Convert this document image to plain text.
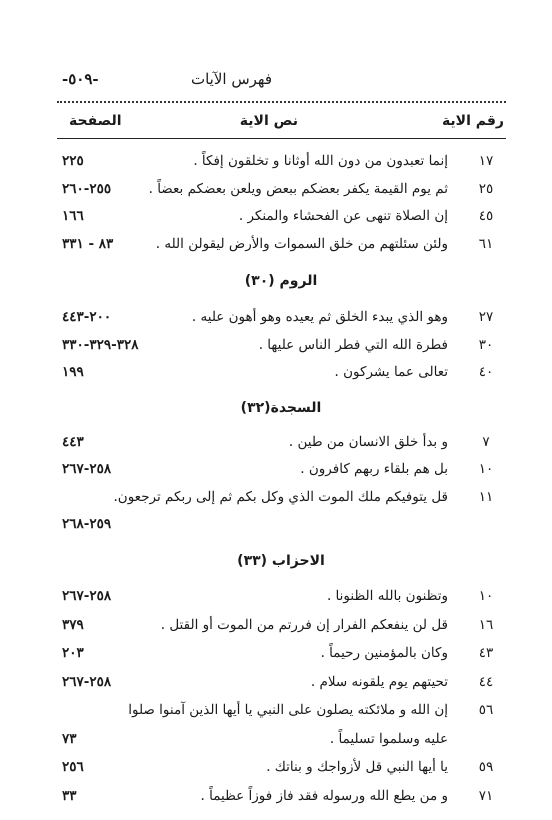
فهرس الآيات
-٥٠٩-
رقم الاية
نص الاية
الصفحة
١٧
إنما تعبدون من دون الله أوثانا و تخلقون إفكاً .
٢٢٥
٢٥
ثم يوم القيمة يكفر بعضكم ببعض ويلعن بعضكم بعضاً .
٢٥٥-٢٦٠
٤٥
إن الصلاة تنهى عن الفحشاء والمنكر .
١٦٦
٦١
ولئن سئلتهم من خلق السموات والأرض ليقولن الله .
٨٣ - ٣٣١
الروم (٣٠)
٢٧
وهو الذي يبدء الخلق ثم يعيده وهو أهون عليه .
٢٠٠-٤٤٣
٣٠
فطرة الله التي فطر الناس عليها .
٣٢٨-٣٢٩-٣٣٠
٤٠
تعالى عما يشركون .
١٩٩
السجدة(٣٢)
٧
و بدأ خلق الانسان من طين .
٤٤٣
١٠
بل هم بلقاء ربهم كافرون .
٢٥٨-٢٦٧
١١
قل يتوفيكم ملك الموت الذي وكل بكم ثم إلى ربكم ترجعون.
٢٥٩-٢٦٨
الاحزاب (٣٣)
١٠
وتظنون بالله الظنونا .
٢٥٨-٢٦٧
١٦
قل لن ينفعكم الفرار إن فررتم من الموت أو القتل .
٣٧٩
٤٣
وكان بالمؤمنين رحيماً .
٢٠٣
٤٤
تحيتهم يوم يلقونه سلام .
٢٥٨-٢٦٧
٥٦
إن الله و ملائكته يصلون على النبي يا أيها الذين آمنوا صلوا
عليه وسلموا تسليماً .
٧٣
٥٩
يا أيها النبي قل لأزواجك و بناتك .
٢٥٦
٧١
و من يطع الله ورسوله فقد فاز فوزاً عظيماً .
٣٣
